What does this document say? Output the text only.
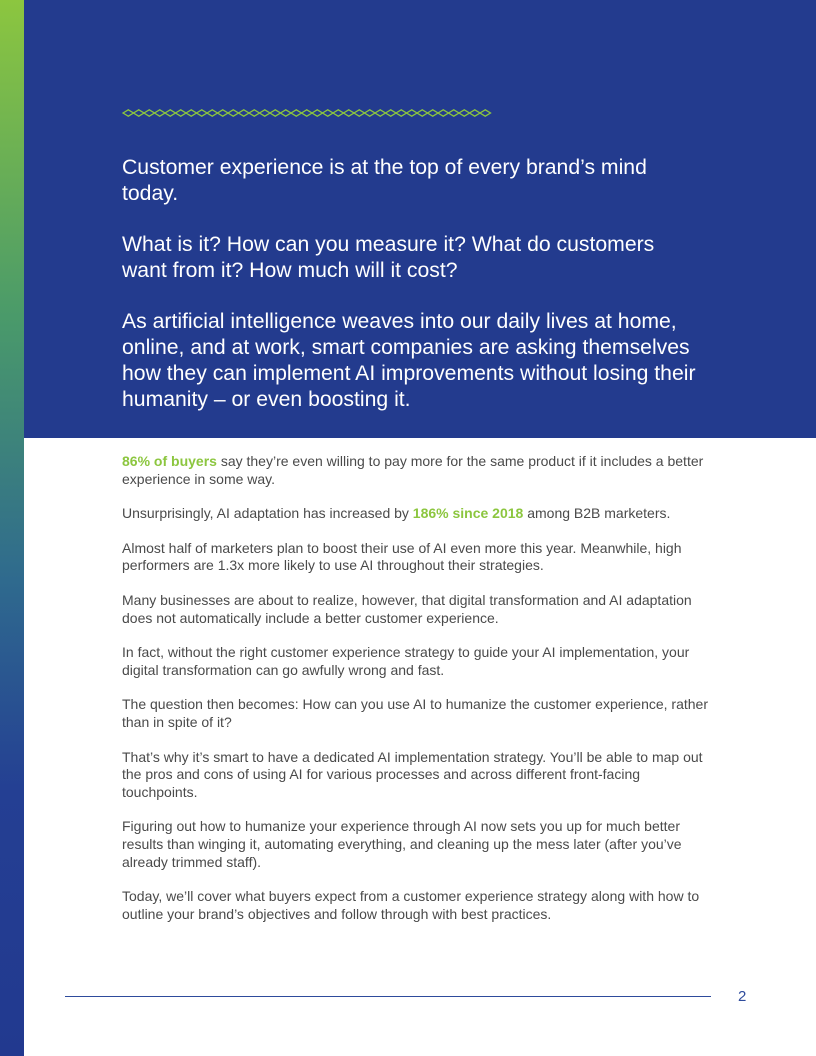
Customer experience is at the top of every brand’s mind today.

What is it? How can you measure it? What do customers want from it? How much will it cost?

As artificial intelligence weaves into our daily lives at home, online, and at work, smart companies are asking themselves how they can implement AI improvements without losing their humanity – or even boosting it.

86% of buyers say they’re even willing to pay more for the same product if it includes a better experience in some way.

Unsurprisingly, AI adaptation has increased by 186% since 2018 among B2B marketers.

Almost half of marketers plan to boost their use of AI even more this year. Meanwhile, high performers are 1.3x more likely to use AI throughout their strategies.

Many businesses are about to realize, however, that digital transformation and AI adaptation does not automatically include a better customer experience.

In fact, without the right customer experience strategy to guide your AI implementation, your digital transformation can go awfully wrong and fast.

The question then becomes: How can you use AI to humanize the customer experience, rather than in spite of it?

That’s why it’s smart to have a dedicated AI implementation strategy. You’ll be able to map out the pros and cons of using AI for various processes and across different front-facing touchpoints.

Figuring out how to humanize your experience through AI now sets you up for much better results than winging it, automating everything, and cleaning up the mess later (after you’ve already trimmed staff).

Today, we’ll cover what buyers expect from a customer experience strategy along with how to outline your brand’s objectives and follow through with best practices.

2
